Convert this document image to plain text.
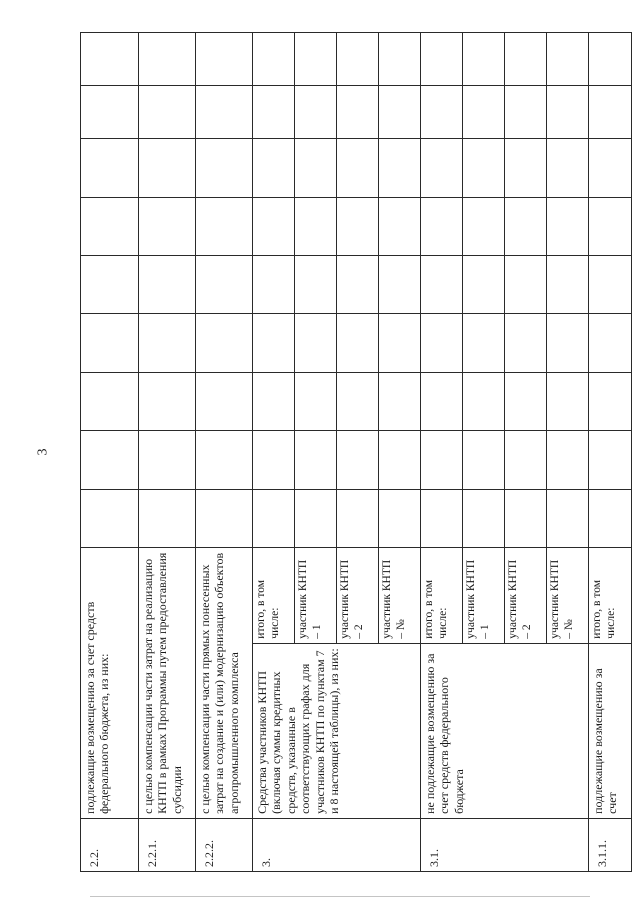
2.2.	подлежащие возмещению за счет средств федерального бюджета, из них:										
2.2.1.	с целью компенсации части затрат на реализацию КНТП в рамках Программы путем предоставления субсидии										
2.2.2.	с целью компенсации части прямых понесенных затрат на создание и (или) модернизацию объектов агропромышленного комплекса										
3.	Средства участников КНТП (включая суммы кредитных средств, указанные в соответствующих графах для участников КНТП по пунктам 7 и 8 настоящей таблицы), из них:	итого, в том числе:									
		участник КНТП – 1									
		участник КНТП – 2									
		участник КНТП – №									
3.1.	не подлежащие возмещению за счет средств федерального бюджета	итого, в том числе:									
		участник КНТП – 1									
		участник КНТП – 2									
		участник КНТП – №									
3.1.1.	подлежащие возмещению за счет	итого, в том числе:									
3
